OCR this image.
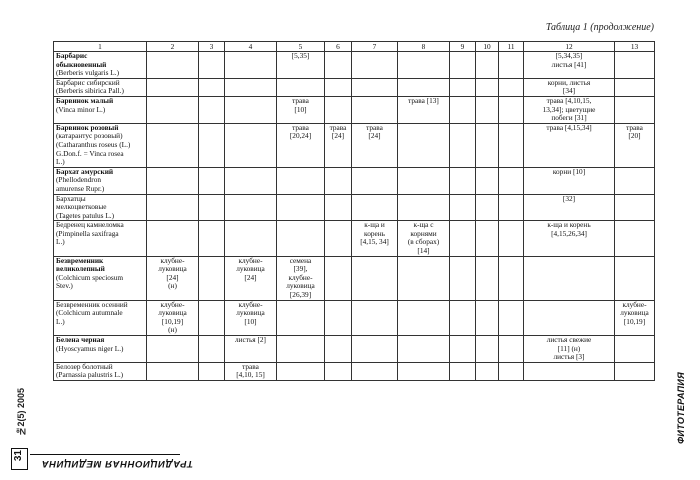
Таблица 1 (продолжение)
1	2	3	4	5	6	7	8	9	10	11	12	13

Барбарис
обыкновенный
(Berberis vulgaris L.)				[5,35]							[5,34,35]
листья [41]	

Барбарис сибирский
(Berberis sibirica Pall.)											корни, листья
[34]	

Барвинок малый
(Vinca minor L.)				трава
[10]			трава [13]				трава [4,10,15,
13,34]; цветущие
побеги [31]	

Барвинок розовый
(катарантус розовый)
(Catharanthus roseus (L.)
G.Don.f. = Vinca rosea
L.)				трава
[20,24]	трава
[24]	трава
[24]					трава [4,15,34]	трава
[20]

Бархат амурский
(Phellodendron
amurense Rupr.)											корни [10]	

Бархатцы
мелкоцветковые
(Tagetes patulus L.)											[32]	

Бедренец камнеломка
(Pimpinella saxifraga
L.)						к-ща и
корень
[4,15, 34]	к-ща с
корнями
(в сборах)
[14]				к-ща и корень
[4,15,26,34]	

Безвременник
великолепный
(Colchicum speciosum
Stev.)	клубне-
луковица
[24]
(н)		клубне-
луковица
[24]	семена
[39],
клубне-
луковица
[26,39]								

Безвременник осенний
(Colchicum autumnale
L.)	клубне-
луковица
[10,19]
(н)		клубне-
луковица
[10]									клубне-
луковица
[10,19]

Белена черная
(Hyoscyamus niger L.)			листья [2]								листья свежие
[11] (н)
листья [3]	

Белозер болотный
(Parnassia palustris L.)			трава
[4,10, 15]									
										ФИТОТЕРАПИЯ
№2(5) 2005
31
ТРАДИЦИОННАЯ МЕДИЦИНА
